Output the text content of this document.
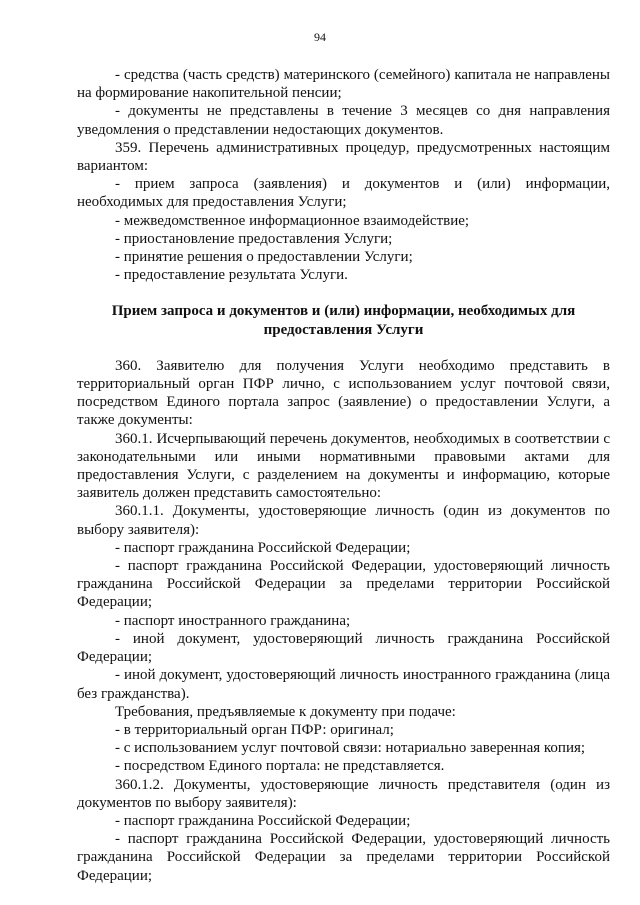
94

- средства (часть средств) материнского (семейного) капитала не направлены на формирование накопительной пенсии;

- документы не представлены в течение 3 месяцев со дня направления уведомления о представлении недостающих документов.

359. Перечень административных процедур, предусмотренных настоящим вариантом:

- прием запроса (заявления) и документов и (или) информации, необходимых для предоставления Услуги;

- межведомственное информационное взаимодействие;

- приостановление предоставления Услуги;

- принятие решения о предоставлении Услуги;

- предоставление результата Услуги.

Прием запроса и документов и (или) информации, необходимых для предоставления Услуги

360. Заявителю для получения Услуги необходимо представить в территориальный орган ПФР лично, с использованием услуг почтовой связи, посредством Единого портала запрос (заявление) о предоставлении Услуги, а также документы:

360.1. Исчерпывающий перечень документов, необходимых в соответствии с законодательными или иными нормативными правовыми актами для предоставления Услуги, с разделением на документы и информацию, которые заявитель должен представить самостоятельно:

360.1.1. Документы, удостоверяющие личность (один из документов по выбору заявителя):

- паспорт гражданина Российской Федерации;

- паспорт гражданина Российской Федерации, удостоверяющий личность гражданина Российской Федерации за пределами территории Российской Федерации;

- паспорт иностранного гражданина;

- иной документ, удостоверяющий личность гражданина Российской Федерации;

- иной документ, удостоверяющий личность иностранного гражданина (лица без гражданства).

Требования, предъявляемые к документу при подаче:

- в территориальный орган ПФР: оригинал;

- с использованием услуг почтовой связи: нотариально заверенная копия;

- посредством Единого портала: не представляется.

360.1.2. Документы, удостоверяющие личность представителя (один из документов по выбору заявителя):

- паспорт гражданина Российской Федерации;

- паспорт гражданина Российской Федерации, удостоверяющий личность гражданина Российской Федерации за пределами территории Российской Федерации;
